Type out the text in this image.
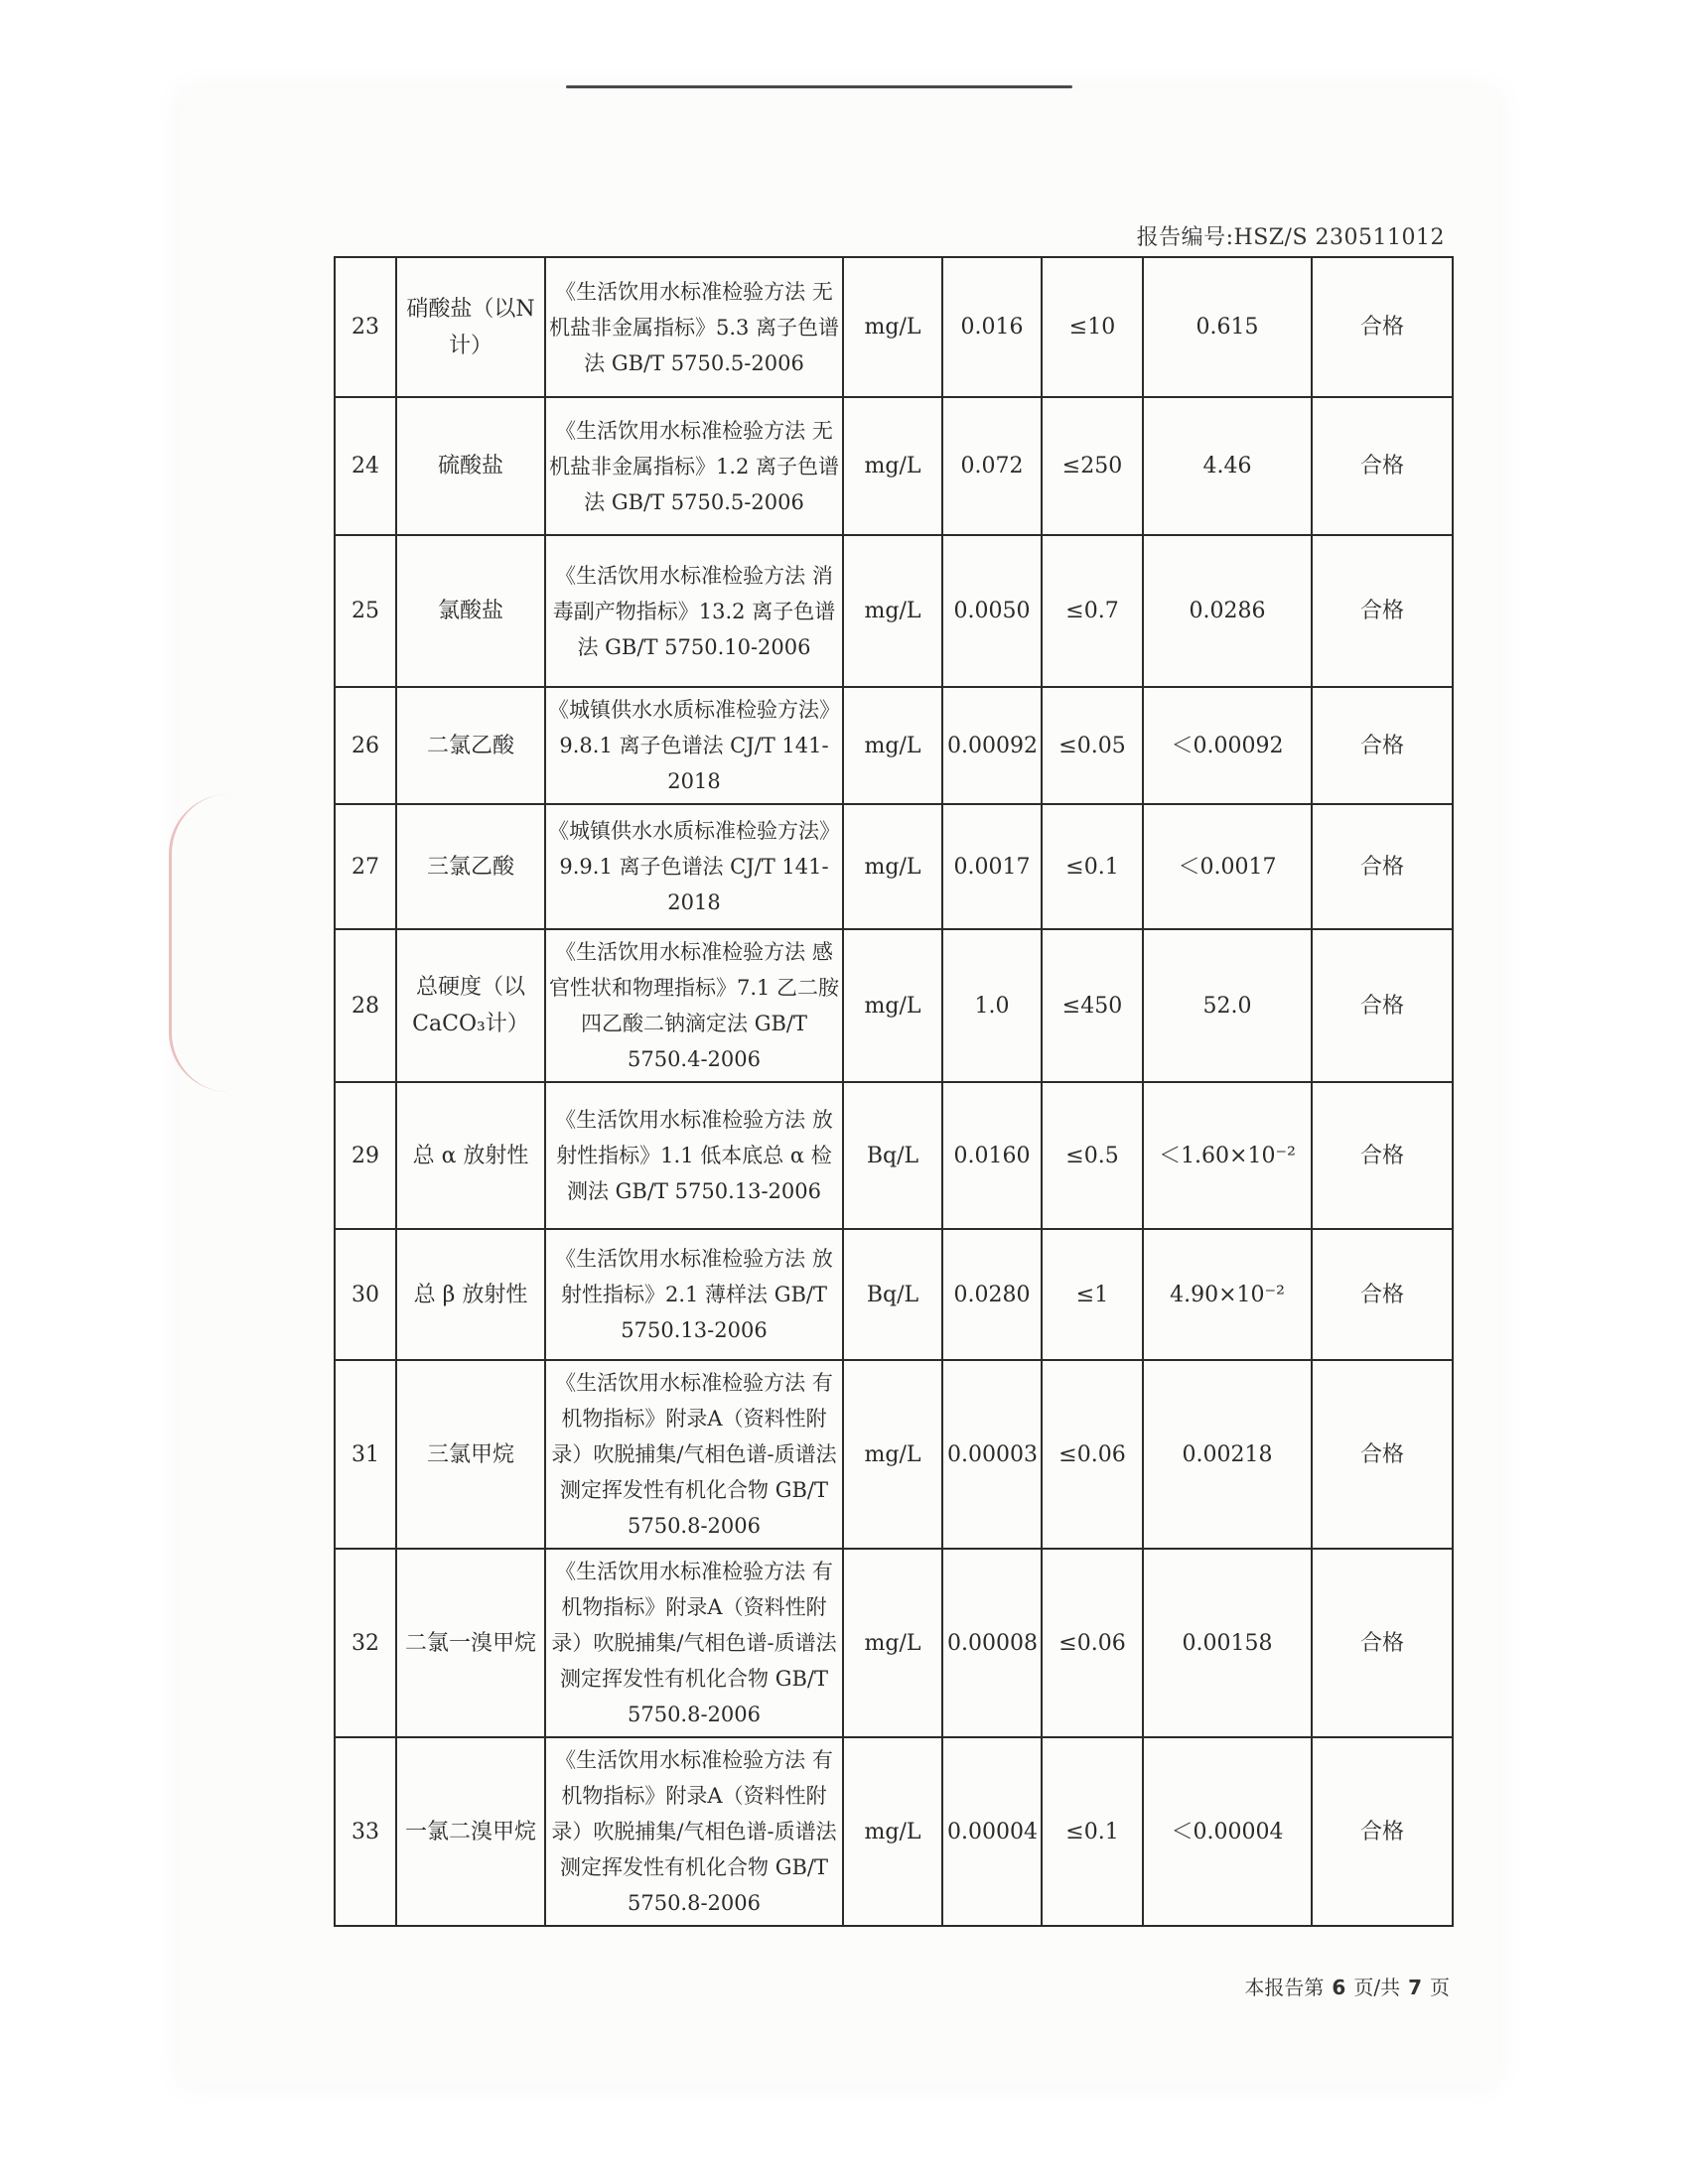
报告编号:HSZ/S 230511012
23	硝酸盐（以N计）	《生活饮用水标准检验方法 无机盐非金属指标》5.3 离子色谱法 GB/T 5750.5-2006	mg/L	0.016	≤10	0.615	合格
24	硫酸盐	《生活饮用水标准检验方法 无机盐非金属指标》1.2 离子色谱法 GB/T 5750.5-2006	mg/L	0.072	≤250	4.46	合格
25	氯酸盐	《生活饮用水标准检验方法 消毒副产物指标》13.2 离子色谱法 GB/T 5750.10-2006	mg/L	0.0050	≤0.7	0.0286	合格
26	二氯乙酸	《城镇供水水质标准检验方法》 9.8.1 离子色谱法 CJ/T 141-2018	mg/L	0.00092	≤0.05	＜0.00092	合格
27	三氯乙酸	《城镇供水水质标准检验方法》 9.9.1 离子色谱法 CJ/T 141-2018	mg/L	0.0017	≤0.1	＜0.0017	合格
28	总硬度（以CaCO₃计）	《生活饮用水标准检验方法 感官性状和物理指标》7.1 乙二胺四乙酸二钠滴定法 GB/T 5750.4-2006	mg/L	1.0	≤450	52.0	合格
29	总 α 放射性	《生活饮用水标准检验方法 放射性指标》1.1 低本底总 α 检测法 GB/T 5750.13-2006	Bq/L	0.0160	≤0.5	＜1.60×10⁻²	合格
30	总 β 放射性	《生活饮用水标准检验方法 放射性指标》2.1 薄样法 GB/T 5750.13-2006	Bq/L	0.0280	≤1	4.90×10⁻²	合格
31	三氯甲烷	《生活饮用水标准检验方法 有机物指标》附录A（资料性附录）吹脱捕集/气相色谱-质谱法测定挥发性有机化合物 GB/T 5750.8-2006	mg/L	0.00003	≤0.06	0.00218	合格
32	二氯一溴甲烷	《生活饮用水标准检验方法 有机物指标》附录A（资料性附录）吹脱捕集/气相色谱-质谱法测定挥发性有机化合物 GB/T 5750.8-2006	mg/L	0.00008	≤0.06	0.00158	合格
33	一氯二溴甲烷	《生活饮用水标准检验方法 有机物指标》附录A（资料性附录）吹脱捕集/气相色谱-质谱法测定挥发性有机化合物 GB/T 5750.8-2006	mg/L	0.00004	≤0.1	＜0.00004	合格
本报告第 6 页/共 7 页
